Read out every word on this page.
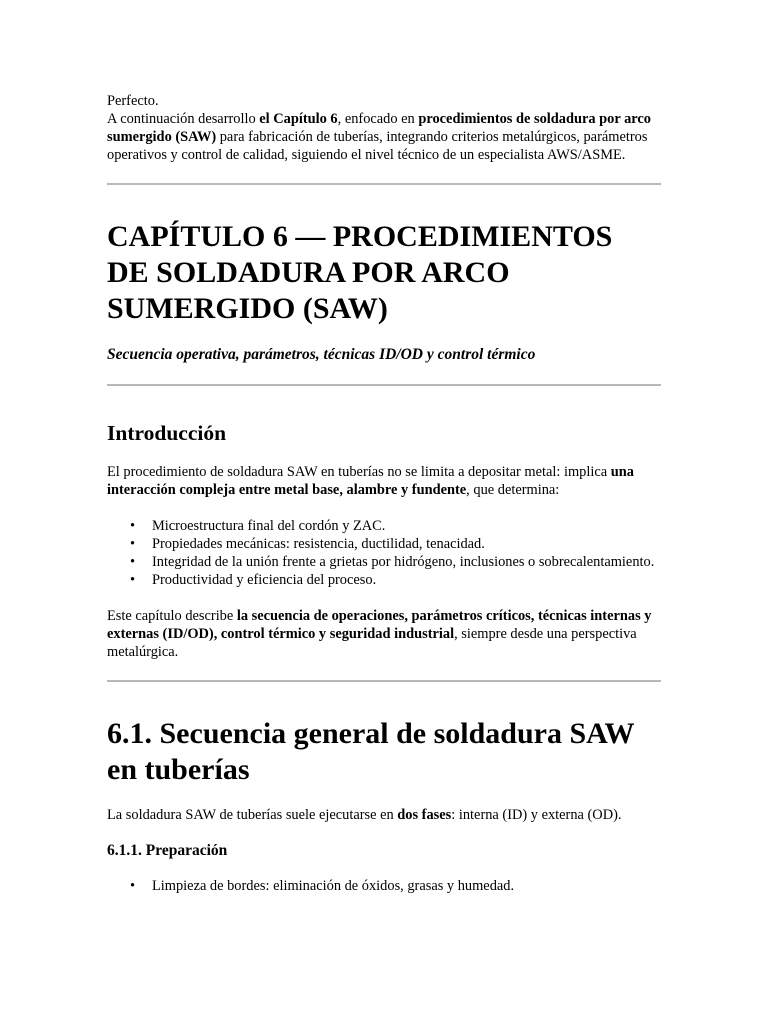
Perfecto.

A continuación desarrollo el Capítulo 6, enfocado en procedimientos de soldadura por arco sumergido (SAW) para fabricación de tuberías, integrando criterios metalúrgicos, parámetros operativos y control de calidad, siguiendo el nivel técnico de un especialista AWS/ASME.

CAPÍTULO 6 — PROCEDIMIENTOS DE SOLDADURA POR ARCO SUMERGIDO (SAW)

Secuencia operativa, parámetros, técnicas ID/OD y control térmico

Introducción

El procedimiento de soldadura SAW en tuberías no se limita a depositar metal: implica una interacción compleja entre metal base, alambre y fundente, que determina:

• Microestructura final del cordón y ZAC.
• Propiedades mecánicas: resistencia, ductilidad, tenacidad.
• Integridad de la unión frente a grietas por hidrógeno, inclusiones o sobrecalentamiento.
• Productividad y eficiencia del proceso.

Este capítulo describe la secuencia de operaciones, parámetros críticos, técnicas internas y externas (ID/OD), control térmico y seguridad industrial, siempre desde una perspectiva metalúrgica.

6.1. Secuencia general de soldadura SAW en tuberías

La soldadura SAW de tuberías suele ejecutarse en dos fases: interna (ID) y externa (OD).

6.1.1. Preparación
• Limpieza de bordes: eliminación de óxidos, grasas y humedad.
